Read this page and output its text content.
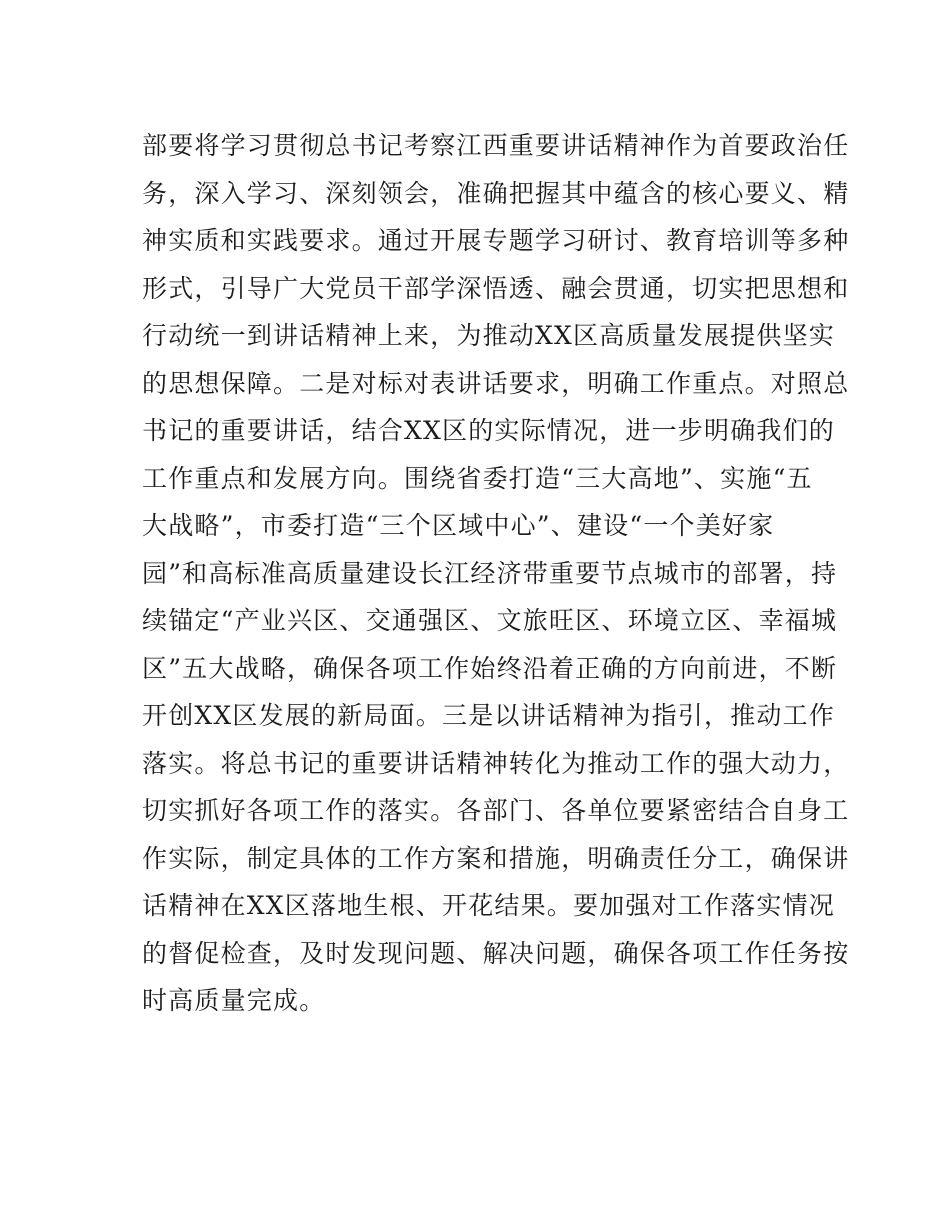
部要将学习贯彻总书记考察江西重要讲话精神作为首要政治任
务，深入学习、深刻领会，准确把握其中蕴含的核心要义、精
神实质和实践要求。通过开展专题学习研讨、教育培训等多种
形式，引导广大党员干部学深悟透、融会贯通，切实把思想和
行动统一到讲话精神上来，为推动XX区高质量发展提供坚实
的思想保障。二是对标对表讲话要求，明确工作重点。对照总
书记的重要讲话，结合XX区的实际情况，进一步明确我们的
工作重点和发展方向。围绕省委打造“三大高地”、实施“五
大战略”，市委打造“三个区域中心”、建设“一个美好家
园”和高标准高质量建设长江经济带重要节点城市的部署，持
续锚定“产业兴区、交通强区、文旅旺区、环境立区、幸福城
区”五大战略，确保各项工作始终沿着正确的方向前进，不断
开创XX区发展的新局面。三是以讲话精神为指引，推动工作
落实。将总书记的重要讲话精神转化为推动工作的强大动力，
切实抓好各项工作的落实。各部门、各单位要紧密结合自身工
作实际，制定具体的工作方案和措施，明确责任分工，确保讲
话精神在XX区落地生根、开花结果。要加强对工作落实情况
的督促检查，及时发现问题、解决问题，确保各项工作任务按
时高质量完成。
